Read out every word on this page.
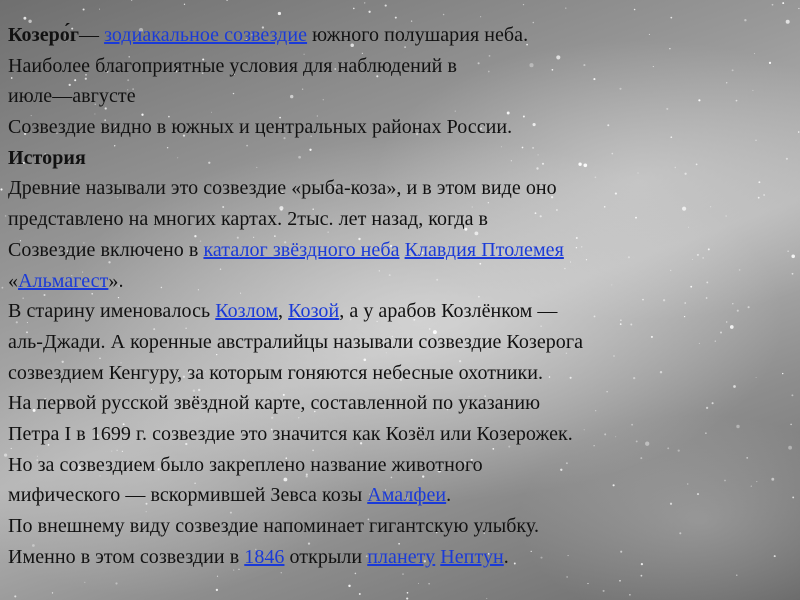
Козеро́г— зодиакальное созвездие южного полушария неба.
Наиболее благоприятные условия для наблюдений в
июле—августе
Созвездие видно в южных и центральных районах России.
История
Древние называли это созвездие «рыба-коза», и в этом виде оно
представлено на многих картах. 2тыс. лет назад, когда в
Созвездие включено в каталог звёздного неба Клавдия Птолемея
«Альмагест».
В старину именовалось Козлом, Козой, а у арабов Козлёнком —
аль-Джади. А коренные австралийцы называли созвездие Козерога
созвездием Кенгуру, за которым гоняются небесные охотники.
На первой русской звёздной карте, составленной по указанию
Петра I в 1699 г. созвездие это значится как Козёл или Козерожек.
Но за созвездием было закреплено название животного
мифического — вскормившей Зевса козы Амалфеи.
По внешнему виду созвездие напоминает гигантскую улыбку.
Именно в этом созвездии в 1846 открыли планету Нептун.
